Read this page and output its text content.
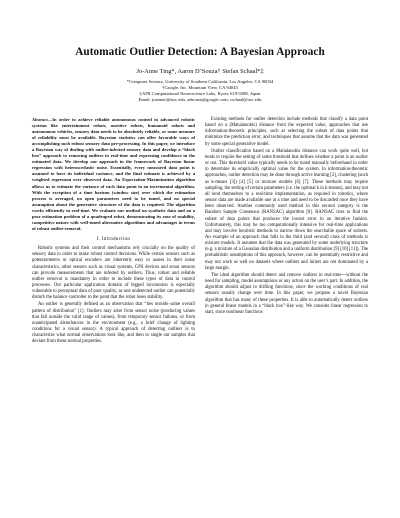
Automatic Outlier Detection: A Bayesian Approach
Jo-Anne Ting*, Aaron D’Souza† Stefan Schaal*‡
*Computer Science, University of Southern California, Los Angeles, CA 90034
†Google, Inc. Mountain View, CA 94043
‡ATR Computational Neuroscience Labs, Kyoto 619-0288, Japan
Email: joanneti@usc.edu, adsouza@google.com, sschaal@usc.edu

Abstract—In order to achieve reliable autonomous control in advanced robotic systems like entertainment robots, assistive robots, humanoid robots and autonomous vehicles, sensory data needs to be absolutely reliable, or some measure of reliability must be available. Bayesian statistics can offer favorable ways of accomplishing such robust sensory data pre-processing. In this paper, we introduce a Bayesian way of dealing with outlier-infested sensory data and develop a “black box” approach to removing outliers in real-time and expressing confidence in the estimated data. We develop our approach in the framework of Bayesian linear regression with heteroscedastic noise. Essentially, every measured data point is assumed to have its individual variance, and the final estimate is achieved by a weighted regression over observed data. An Expectation-Maximization algorithm allows us to estimate the variance of each data point in an incremental algorithm. With the exception of a time horizon (window size) over which the estimation process is averaged, no open parameters need to be tuned, and no special assumption about the generative structure of the data is required. The algorithm works efficiently in real-time. We evaluate our method on synthetic data and on a pose estimation problem of a quadruped robot, demonstrating its ease of usability, competitive nature with well-tuned alternative algorithms and advantages in terms of robust outlier removal.

I. Introduction

Robotic systems and their control mechanisms rely crucially on the quality of sensory data in order to make robust control decisions. While certain sensors such as potentiometers or optical encoders are inherently easy to assess in their noise characteristics, other sensors such as visual systems, GPS devices and sonar sensors can provide measurements that are infested by outliers. Thus, robust and reliable outlier removal is mandatory in order to include these types of data in control processes. Our particular application domain of legged locomotion is especially vulnerable to perceptual data of poor quality, as one undetected outlier can potentially disturb the balance controller to the point that the robot loses stability.

An outlier is generally defined as an observation that “lies outside some overall pattern of distribution” [1]. Outliers may arise from sensor noise (producing values that fall outside the valid range of values), from temporary sensor failures, or from unanticipated disturbances in the environment (e.g., a brief change of lighting conditions for a visual sensor). A typical approach of detecting outliers is to characterize what normal observations look like, and then to single out samples that deviate from these normal properties.

Existing methods for outlier detection include methods that classify a data point based on a (Mahalanobis) distance from the expected value, approaches that use information-theoretic principles, such as selecting the subset of data points that minimize the prediction error, and techniques that assume that the data was generated by some special generative model.

Outlier classification based on a Mahalanobis distance can work quite well, but tends to require the setting of some threshold that defines whether a point is an outlier or not. This threshold value typically needs to be tuned manually beforehand in order to determine its empirically optimal value for the system. In information-theoretic approaches, outlier detection may be done through active learning [2], clustering (such as k-means [3]) [4] [5] or mixture models [6] [7]. These methods may require sampling, the setting of certain parameters (i.e. the optimal k in k-means), and may not all lend themselves to a real-time implementation, as required in robotics, where sensor data are made available one at a time and need to be discarded once they have been observed. Another commonly used method in this second category is the Random Sample Consensus (RANSAC) algorithm [8]. RANSAC tries to find the subset of data points that produces the lowest error in an iterative fashion. Unfortunately, this may be too computationally intensive for real-time applications and may involve heuristic methods to narrow down the searchable space of subsets. An example of an approach that falls in the third (and second) class of methods is mixture models. It assumes that the data was generated by some underlying structure (e.g. a mixture of a Gaussian distribution and a uniform distribution [9] [10] [11]). The probabilistic assumptions of this approach, however, can be potentially restrictive and may not work as well on datasets where outliers and inliers are not dominated by a large margin.

The ideal algorithm should detect and remove outliers in real-time—without the need for sampling, model assumptions or any action on the user’s part. In addition, the algorithm should adjust to drifting functions, since the working conditions of real sensors usually change over time. In this paper, we propose a novel Bayesian algorithm that has many of these properties. It is able to automatically detect outliers in general linear models in a “black box”-like way. We consider linear regression to start, since nonlinear functions
